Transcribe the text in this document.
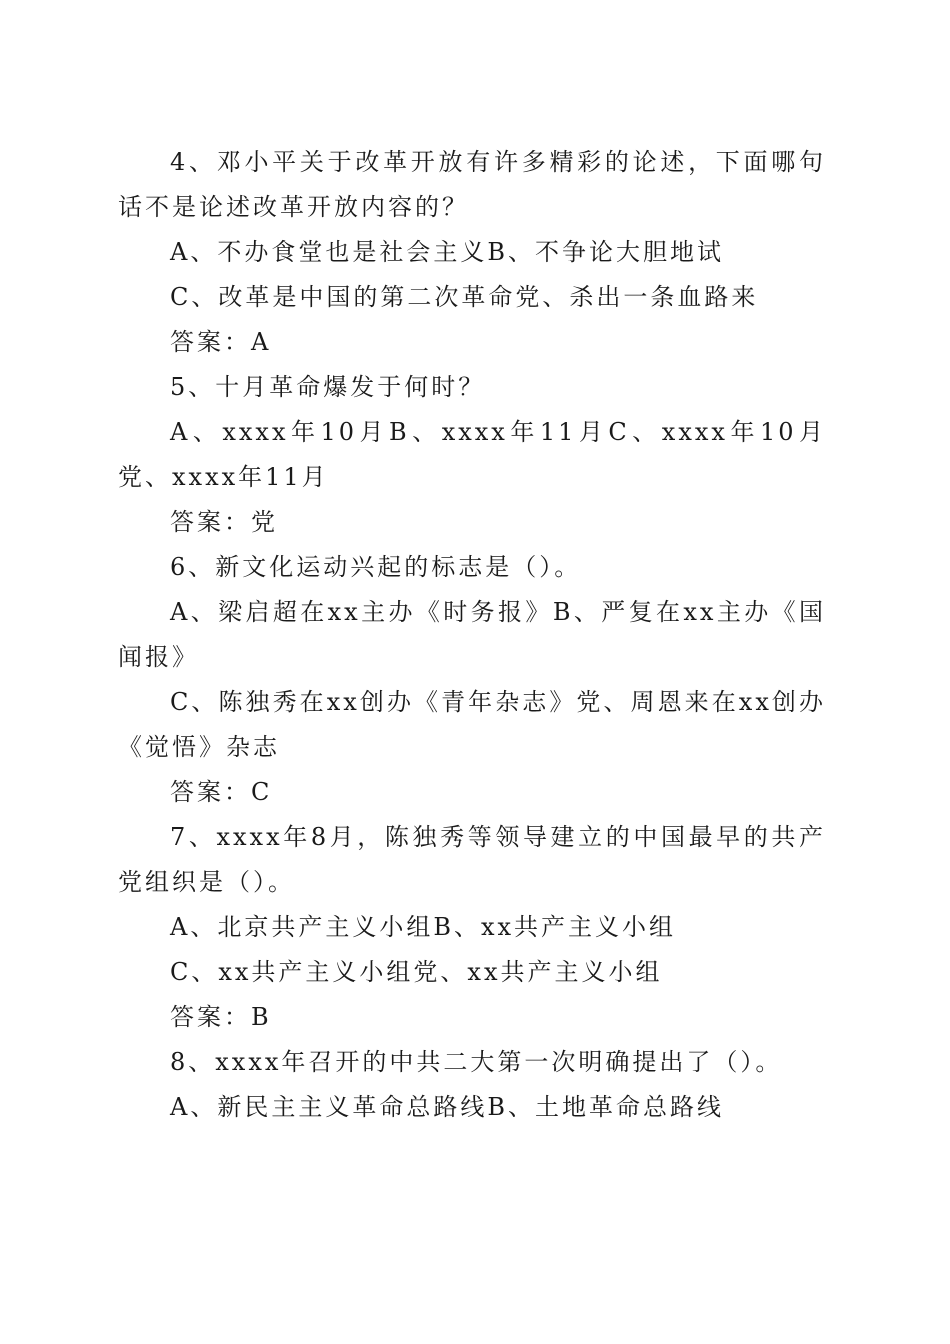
4、邓小平关于改革开放有许多精彩的论述，下面哪句话不是论述改革开放内容的？

A、不办食堂也是社会主义B、不争论大胆地试

C、改革是中国的第二次革命党、杀出一条血路来

答案：A

5、十月革命爆发于何时？

A、xxxx年10月B、xxxx年11月C、xxxx年10月党、xxxx年11月

答案：党

6、新文化运动兴起的标志是（）。

A、梁启超在xx主办《时务报》B、严复在xx主办《国闻报》

C、陈独秀在xx创办《青年杂志》党、周恩来在xx创办《觉悟》杂志

答案：C

7、xxxx年8月，陈独秀等领导建立的中国最早的共产党组织是（）。

A、北京共产主义小组B、xx共产主义小组

C、xx共产主义小组党、xx共产主义小组

答案：B

8、xxxx年召开的中共二大第一次明确提出了（）。

A、新民主主义革命总路线B、土地革命总路线
